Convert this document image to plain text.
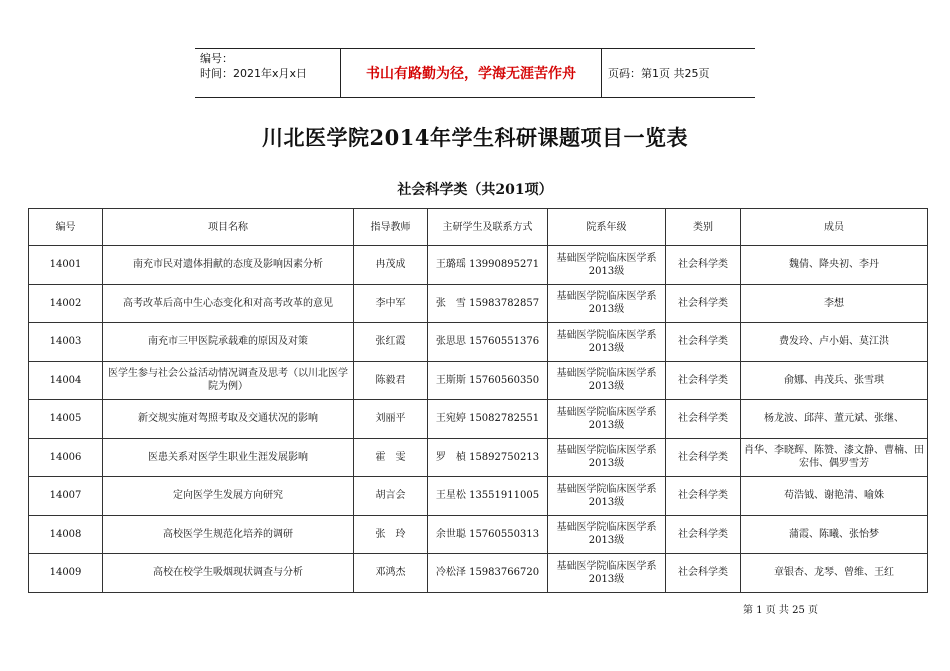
编号：
时间：2021年x月x日	书山有路勤为径，学海无涯苦作舟	页码：第1页 共25页
川北医学院2014年学生科研课题项目一览表
社会科学类（共201项）
编号	项目名称	指导教师	主研学生及联系方式	院系年级	类别	成员
14001	南充市民对遗体捐献的态度及影响因素分析	冉茂成	王璐瑶 13990895271	基础医学院临床医学系2013级	社会科学类	魏倩、降央初、李丹
14002	高考改革后高中生心态变化和对高考改革的意见	李中军	张　雪 15983782857	基础医学院临床医学系2013级	社会科学类	李想
14003	南充市三甲医院承载难的原因及对策	张红霞	张思思 15760551376	基础医学院临床医学系2013级	社会科学类	费发玲、卢小娟、莫江洪
14004	医学生参与社会公益活动情况调查及思考（以川北医学院为例）	陈毅君	王斯斯 15760560350	基础医学院临床医学系2013级	社会科学类	俞娜、冉茂兵、张雪琪
14005	新交规实施对驾照考取及交通状况的影响	刘丽平	王宛婷 15082782551	基础医学院临床医学系2013级	社会科学类	杨龙波、邱萍、董元斌、张继、
14006	医患关系对医学生职业生涯发展影响	霍　雯	罗　楨 15892750213	基础医学院临床医学系2013级	社会科学类	肖华、李晓辉、陈赞、漆文静、曹楠、田宏伟、偶罗雪芳
14007	定向医学生发展方向研究	胡言会	王星松 13551911005	基础医学院临床医学系2013级	社会科学类	苟浩钺、谢艳清、喻姝
14008	高校医学生规范化培养的调研	张　玲	余世聪 15760550313	基础医学院临床医学系2013级	社会科学类	蒲霞、陈曦、张怡梦
14009	高校在校学生吸烟现状调查与分析	邓鸿杰	冷松泽 15983766720	基础医学院临床医学系2013级	社会科学类	章银杏、龙琴、曾维、王红
第 1 页 共 25 页
